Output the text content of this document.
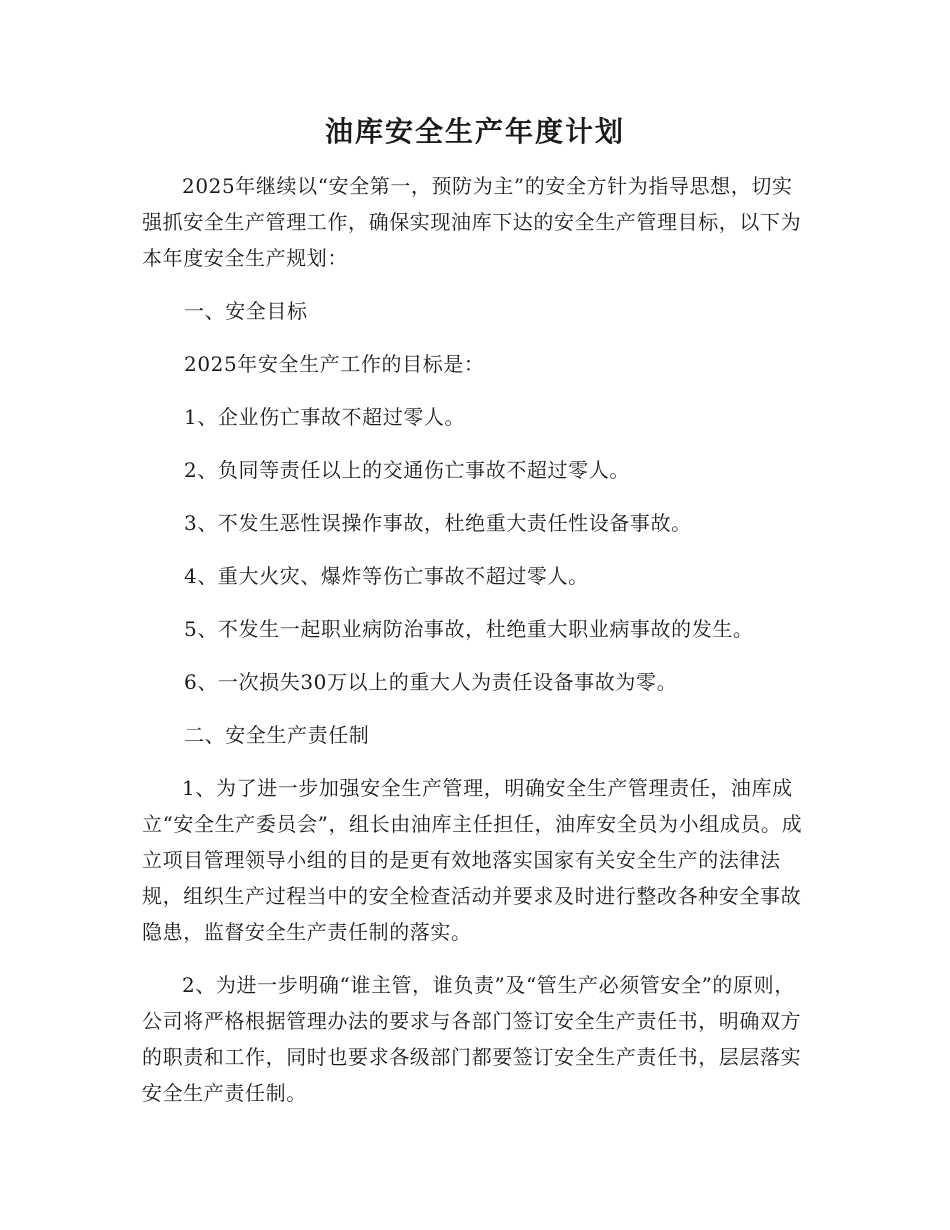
油库安全生产年度计划

2025年继续以“安全第一，预防为主”的安全方针为指导思想，切实强抓安全生产管理工作，确保实现油库下达的安全生产管理目标，以下为本年度安全生产规划：

一、安全目标

2025年安全生产工作的目标是：

1、企业伤亡事故不超过零人。

2、负同等责任以上的交通伤亡事故不超过零人。

3、不发生恶性误操作事故，杜绝重大责任性设备事故。

4、重大火灾、爆炸等伤亡事故不超过零人。

5、不发生一起职业病防治事故，杜绝重大职业病事故的发生。

6、一次损失30万以上的重大人为责任设备事故为零。

二、安全生产责任制

1、为了进一步加强安全生产管理，明确安全生产管理责任，油库成立“安全生产委员会”，组长由油库主任担任，油库安全员为小组成员。成立项目管理领导小组的目的是更有效地落实国家有关安全生产的法律法规，组织生产过程当中的安全检查活动并要求及时进行整改各种安全事故隐患，监督安全生产责任制的落实。

2、为进一步明确“谁主管，谁负责”及“管生产必须管安全”的原则，公司将严格根据管理办法的要求与各部门签订安全生产责任书，明确双方的职责和工作，同时也要求各级部门都要签订安全生产责任书，层层落实安全生产责任制。
